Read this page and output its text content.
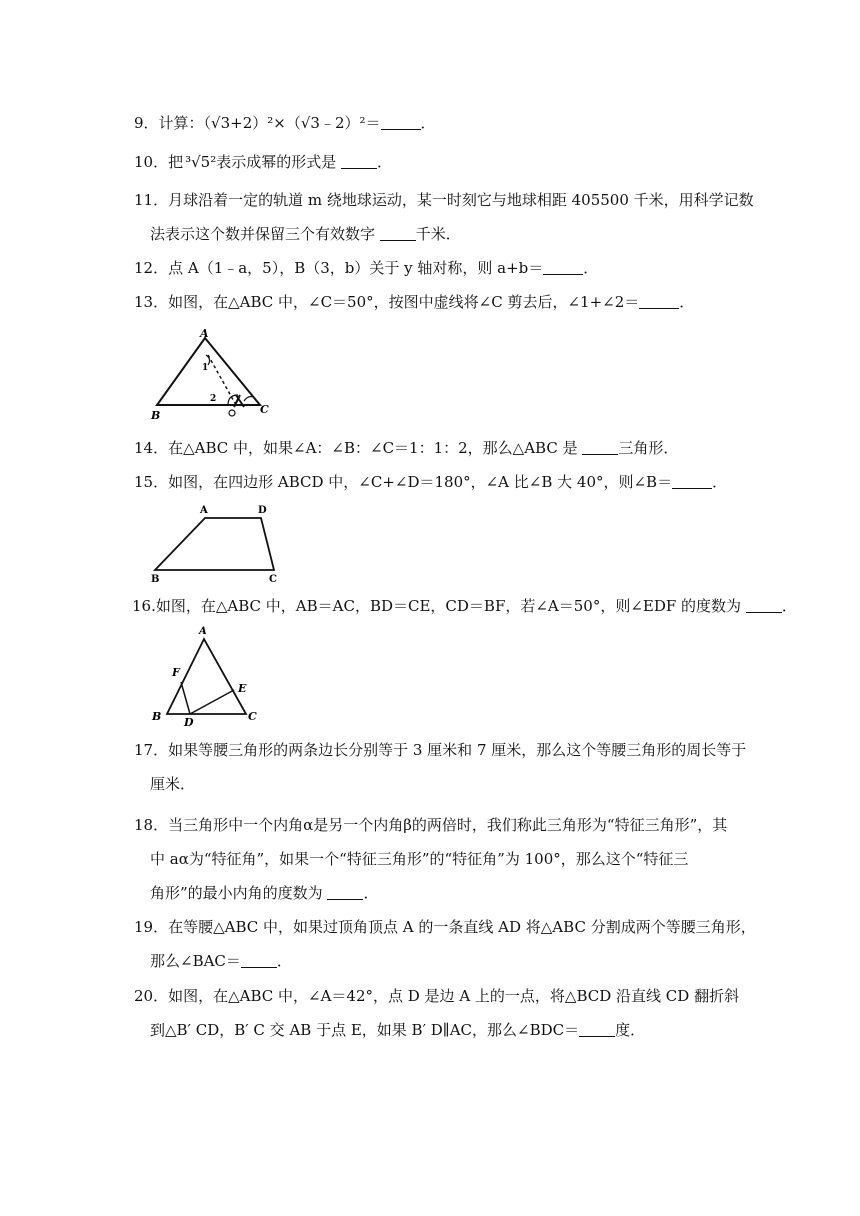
9．计算：（√3+2）²×（√3﹣2）²＝	．
10．把 ³√5²表示成幂的形式是 ．
11．月球沿着一定的轨道 m 绕地球运动，某一时刻它与地球相距 405500 千米，用科学记数
法表示这个数并保留三个有效数字 千米．
12．点 A（1﹣a，5），B（3，b）关于 y 轴对称，则 a+b＝	．
13．如图，在△ABC 中，∠C＝50°，按图中虚线将∠C 剪去后，∠1+∠2＝	．
A
B	C
1
2
14．在△ABC 中，如果∠A：∠B：∠C＝1：1：2，那么△ABC 是 三角形．
15．如图，在四边形 ABCD 中，∠C+∠D＝180°，∠A 比∠B 大 40°，则∠B＝	．
A	D
B	C
16.如图，在△ABC 中，AB＝AC，BD＝CE，CD＝BF，若∠A＝50°，则∠EDF 的度数为 ．
A
B	C
D
E
F
17．如果等腰三角形的两条边长分别等于 3 厘米和 7 厘米，那么这个等腰三角形的周长等于
厘米．
18．当三角形中一个内角α是另一个内角β的两倍时，我们称此三角形为“特征三角形”，其
中 aα为“特征角”，如果一个“特征三角形”的“特征角”为 100°，那么这个“特征三
角形”的最小内角的度数为 ．
19．在等腰△ABC 中，如果过顶角顶点 A 的一条直线 AD 将△ABC 分割成两个等腰三角形，
那么∠BAC＝ ．
20．如图，在△ABC 中，∠A＝42°，点 D 是边 A 上的一点，将△BCD 沿直线 CD 翻折斜
到△B′ CD，B′ C 交 AB 于点 E，如果 B′ D∥AC，那么∠BDC＝ 度．
